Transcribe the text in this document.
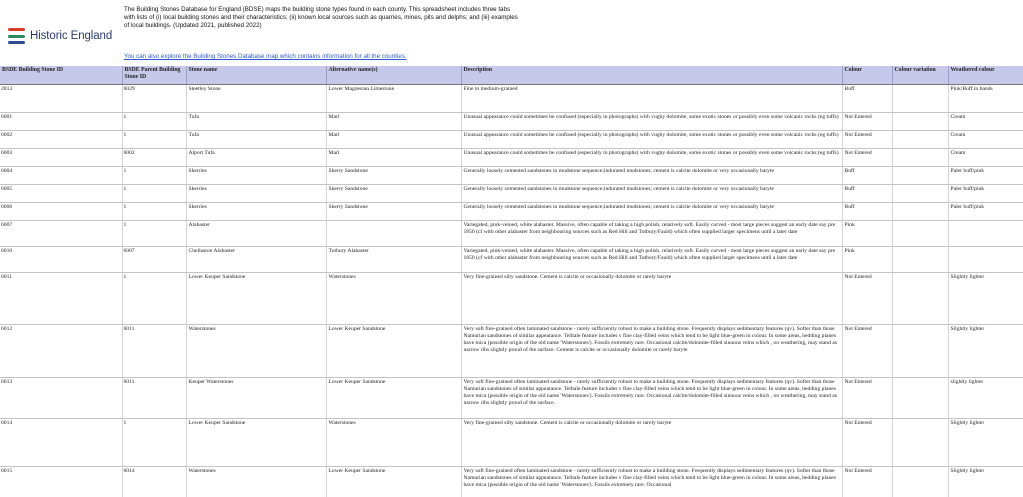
Historic England
The Building Stones Database for England (BDSE) maps the building stone types found in each county. This spreadsheet includes three tabs with lists of (i) local building stones and their characteristics; (ii) known local sources such as quarries, mines, pits and delphs; and (iii) examples of local buildings. (Updated 2021, published 2022)
You can also explore the Building Stones Database map which contains information for all the counties.
BSDE Building Stone ID	BSDE Parent Building Stone ID	Stone name	Alternative name(s)	Description	Colour	Colour variation	Weathered colour
2813	6029	Steetley Stone	Lower Magnesian Limestone	Fine to medium-grained	Buff		Pink/Buff in bands
6001	1	Tufa	Marl	Unusual appearance could sometimes be confused (especially in photographs) with vughy dolomite, some exotic stones or possibly even some volcanic rocks (eg tuffs)	Not Entered		Cream
6002	1	Tufa	Marl	Unusual appearance could sometimes be confused (especially in photographs) with vughy dolomite, some exotic stones or possibly even some volcanic rocks (eg tuffs)	Not Entered		Cream
6003	6002	Alport Tufa	Marl	Unusual appearance could sometimes be confused (especially in photographs) with vughy dolomite, some exotic stones or possibly even some volcanic rocks (eg tuffs)	Not Entered		Cream
6004	1	Skerries	Skerry Sandstone	Generally loosely cemented sandstones in mudstone sequence;indurated mudstones; cement is calcite dolomite or very occasionally baryte	Buff		Paler buff/pink
6005	1	Skerries	Skerry Sandstone	Generally loosely cemented sandstones in mudstone sequence;indurated mudstones; cement is calcite dolomite or very occasionally baryte	Buff		Paler buff/pink
6006	1	Skerries	Skerry Sandstone	Generally loosely cemented sandstones in mudstone sequence;indurated mudstones; cement is calcite dolomite or very occasionally baryte	Buff		Paler buff/pink
6007	1	Alabaster		Variegated, pink-veined, white alabaster. Massive, often capable of taking a high polish, relatively soft. Easily curved - most large pieces suggest an early date say pre 1850 (cf with other alabaster from neighbouring sources such as Red Hill and Tutbury/Fauld) which often supplied larger specimens until a later date	Pink		
6010	6007	Chellaston Alabaster	Tutbury Alabaster	Variegated, pink-veined, white alabaster. Massive, often capable of taking a high polish, relatively soft. Easily curved - most large pieces suggest an early date say pre 1850 (cf with other alabaster from neighbouring sources such as Red Hill and Tutbury/Fauld) which often supplied larger specimens until a later date	Pink		
6011	1	Lower Keuper Sandstone	Waterstones	Very fine-grained silty sandstone. Cement is calcite or occasionally dolomite or rarely baryte	Not Entered		Slightly lighter
6012	6011	Waterstones	Lower Keuper Sandstone	Very soft fine-grained often laminated sandstone - rarely sufficiently robust to make a building stone. Frequently displays sedimentary features (qv). Softer than those Namurian sandstones of similar appearance. Telltale feature includes v fine clay-filled veins which tend to be light blue-green in colour. In some areas, bedding planes have mica (possible origin of the old name 'Waterstones'). Fossils extremely rare. Occasional calcite/dolomite-filled sinuous veins which , on weathering, may stand as narrow ribs slightly proud of the surface. Cement is calcite or occasionally dolomite or rarely baryte	Not Entered		Slightly lighter
6013	6011	Keuper Waterstones	Lower Keuper Sandstone	Very soft fine-grained often laminated sandstone - rarely sufficiently robust to make a building stone. Frequently displays sedimentary features (qv). Softer than those Namurian sandstones of similar appearance. Telltale feature includes v fine clay-filled veins which tend to be light blue-green in colour. In some areas, bedding planes have mica (possible origin of the old name 'Waterstones'). Fossils extremely rare. Occasional calcite/dolomite-filled sinuous veins which , on weathering, may stand as narrow ribs slightly proud of the surface.	Not Entered		slightly lighter
6014	1	Lower Keuper Sandstone	Waterstones	Very fine-grained silty sandstone. Cement is calcite or occasionally dolomite or rarely baryte	Not Entered		Slightly lighter
6015	6014	Waterstones	Lower Keuper Sandstone	Very soft fine-grained often laminated sandstone - rarely sufficiently robust to make a building stone. Frequently displays sedimentary features (qv). Softer than those Namurian sandstones of similar appearance. Telltale feature includes v fine clay-filled veins which tend to be light blue-green in colour. In some areas, bedding planes have mica (possible origin of the old name 'Waterstones'). Fossils extremely rare. Occasional	Not Entered		Slightly lighter
